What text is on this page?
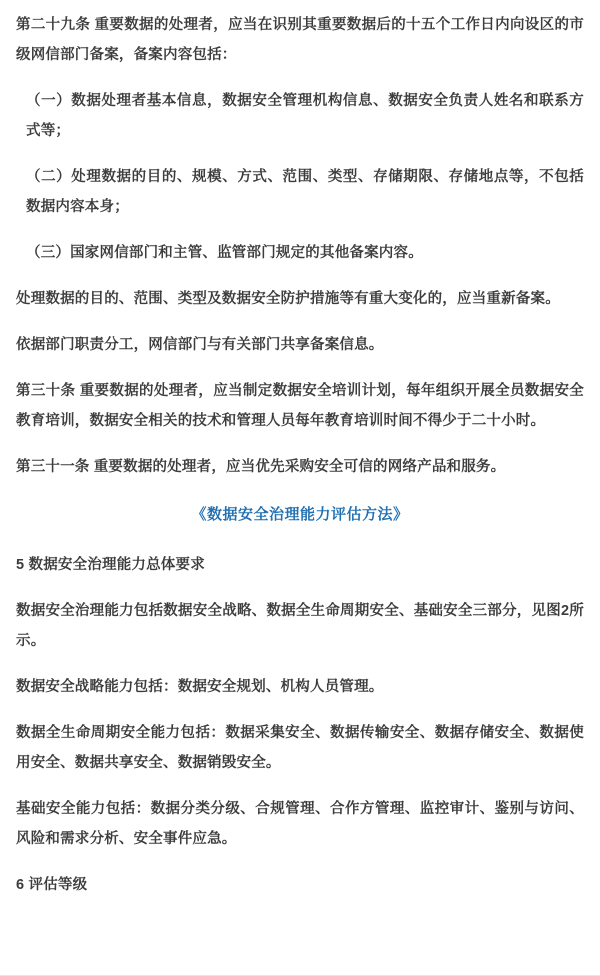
第二十九条 重要数据的处理者，应当在识别其重要数据后的十五个工作日内向设区的市级网信部门备案，备案内容包括：

（一）数据处理者基本信息，数据安全管理机构信息、数据安全负责人姓名和联系方式等；

（二）处理数据的目的、规模、方式、范围、类型、存储期限、存储地点等，不包括数据内容本身；

（三）国家网信部门和主管、监管部门规定的其他备案内容。

处理数据的目的、范围、类型及数据安全防护措施等有重大变化的，应当重新备案。

依据部门职责分工，网信部门与有关部门共享备案信息。

第三十条 重要数据的处理者，应当制定数据安全培训计划，每年组织开展全员数据安全教育培训，数据安全相关的技术和管理人员每年教育培训时间不得少于二十小时。

第三十一条 重要数据的处理者，应当优先采购安全可信的网络产品和服务。

《数据安全治理能力评估方法》

5 数据安全治理能力总体要求

数据安全治理能力包括数据安全战略、数据全生命周期安全、基础安全三部分，见图2所示。

数据安全战略能力包括：数据安全规划、机构人员管理。

数据全生命周期安全能力包括：数据采集安全、数据传输安全、数据存储安全、数据使用安全、数据共享安全、数据销毁安全。

基础安全能力包括：数据分类分级、合规管理、合作方管理、监控审计、鉴别与访问、风险和需求分析、安全事件应急。

6 评估等级
